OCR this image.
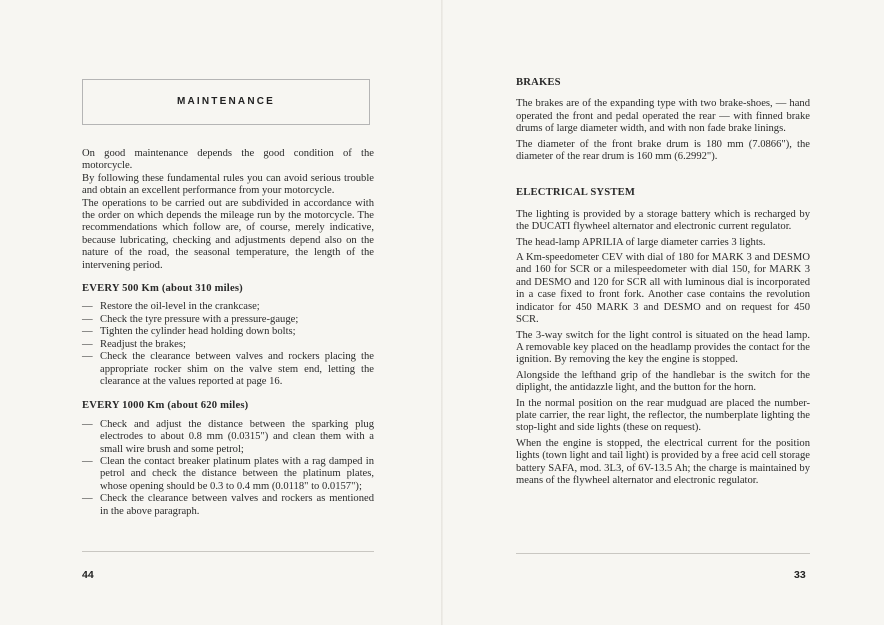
MAINTENANCE

On good maintenance depends the good condition of the motorcycle.

By following these fundamental rules you can avoid serious trouble and obtain an excellent performance from your motorcycle.

The operations to be carried out are subdivided in accordance with the order on which depends the mileage run by the motorcycle. The recommendations which follow are, of course, merely indicative, because lubricating, checking and adjustments depend also on the nature of the road, the seasonal temperature, the length of the intervening period.

EVERY 500 Km (about 310 miles)

— Restore the oil-level in the crankcase;
— Check the tyre pressure with a pressure-gauge;
— Tighten the cylinder head holding down bolts;
— Readjust the brakes;
— Check the clearance between valves and rockers placing the appropriate rocker shim on the valve stem end, letting the clearance at the values reported at page 16.

EVERY 1000 Km (about 620 miles)

— Check and adjust the distance between the sparking plug electrodes to about 0.8 mm (0.0315") and clean them with a small wire brush and some petrol;
— Clean the contact breaker platinum plates with a rag damped in petrol and check the distance between the platinum plates, whose opening should be 0.3 to 0.4 mm (0.0118" to 0.0157");
— Check the clearance between valves and rockers as mentioned in the above paragraph.
44

BRAKES

The brakes are of the expanding type with two brake-shoes, — hand operated the front and pedal operated the rear — with finned brake drums of large diameter width, and with non fade brake linings.

The diameter of the front brake drum is 180 mm (7.0866"), the diameter of the rear drum is 160 mm (6.2992").

ELECTRICAL SYSTEM

The lighting is provided by a storage battery which is recharged by the DUCATI flywheel alternator and electronic current regulator.

The head-lamp APRILIA of large diameter carries 3 lights.

A Km-speedometer CEV with dial of 180 for MARK 3 and DESMO and 160 for SCR or a milespeedometer with dial 150, for MARK 3 and DESMO and 120 for SCR all with luminous dial is incorporated in a case fixed to front fork. Another case contains the revolution indicator for 450 MARK 3 and DESMO and on request for 450 SCR.

The 3-way switch for the light control is situated on the head lamp. A removable key placed on the headlamp provides the contact for the ignition. By removing the key the engine is stopped.

Alongside the lefthand grip of the handlebar is the switch for the diplight, the antidazzle light, and the button for the horn.

In the normal position on the rear mudguad are placed the number-plate carrier, the rear light, the reflector, the numberplate lighting the stop-light and side lights (these on request).

When the engine is stopped, the electrical current for the position lights (town light and tail light) is provided by a free acid cell storage battery SAFA, mod. 3L3, of 6V-13.5 Ah; the charge is maintained by means of the flywheel alternator and electronic regulator.

33
